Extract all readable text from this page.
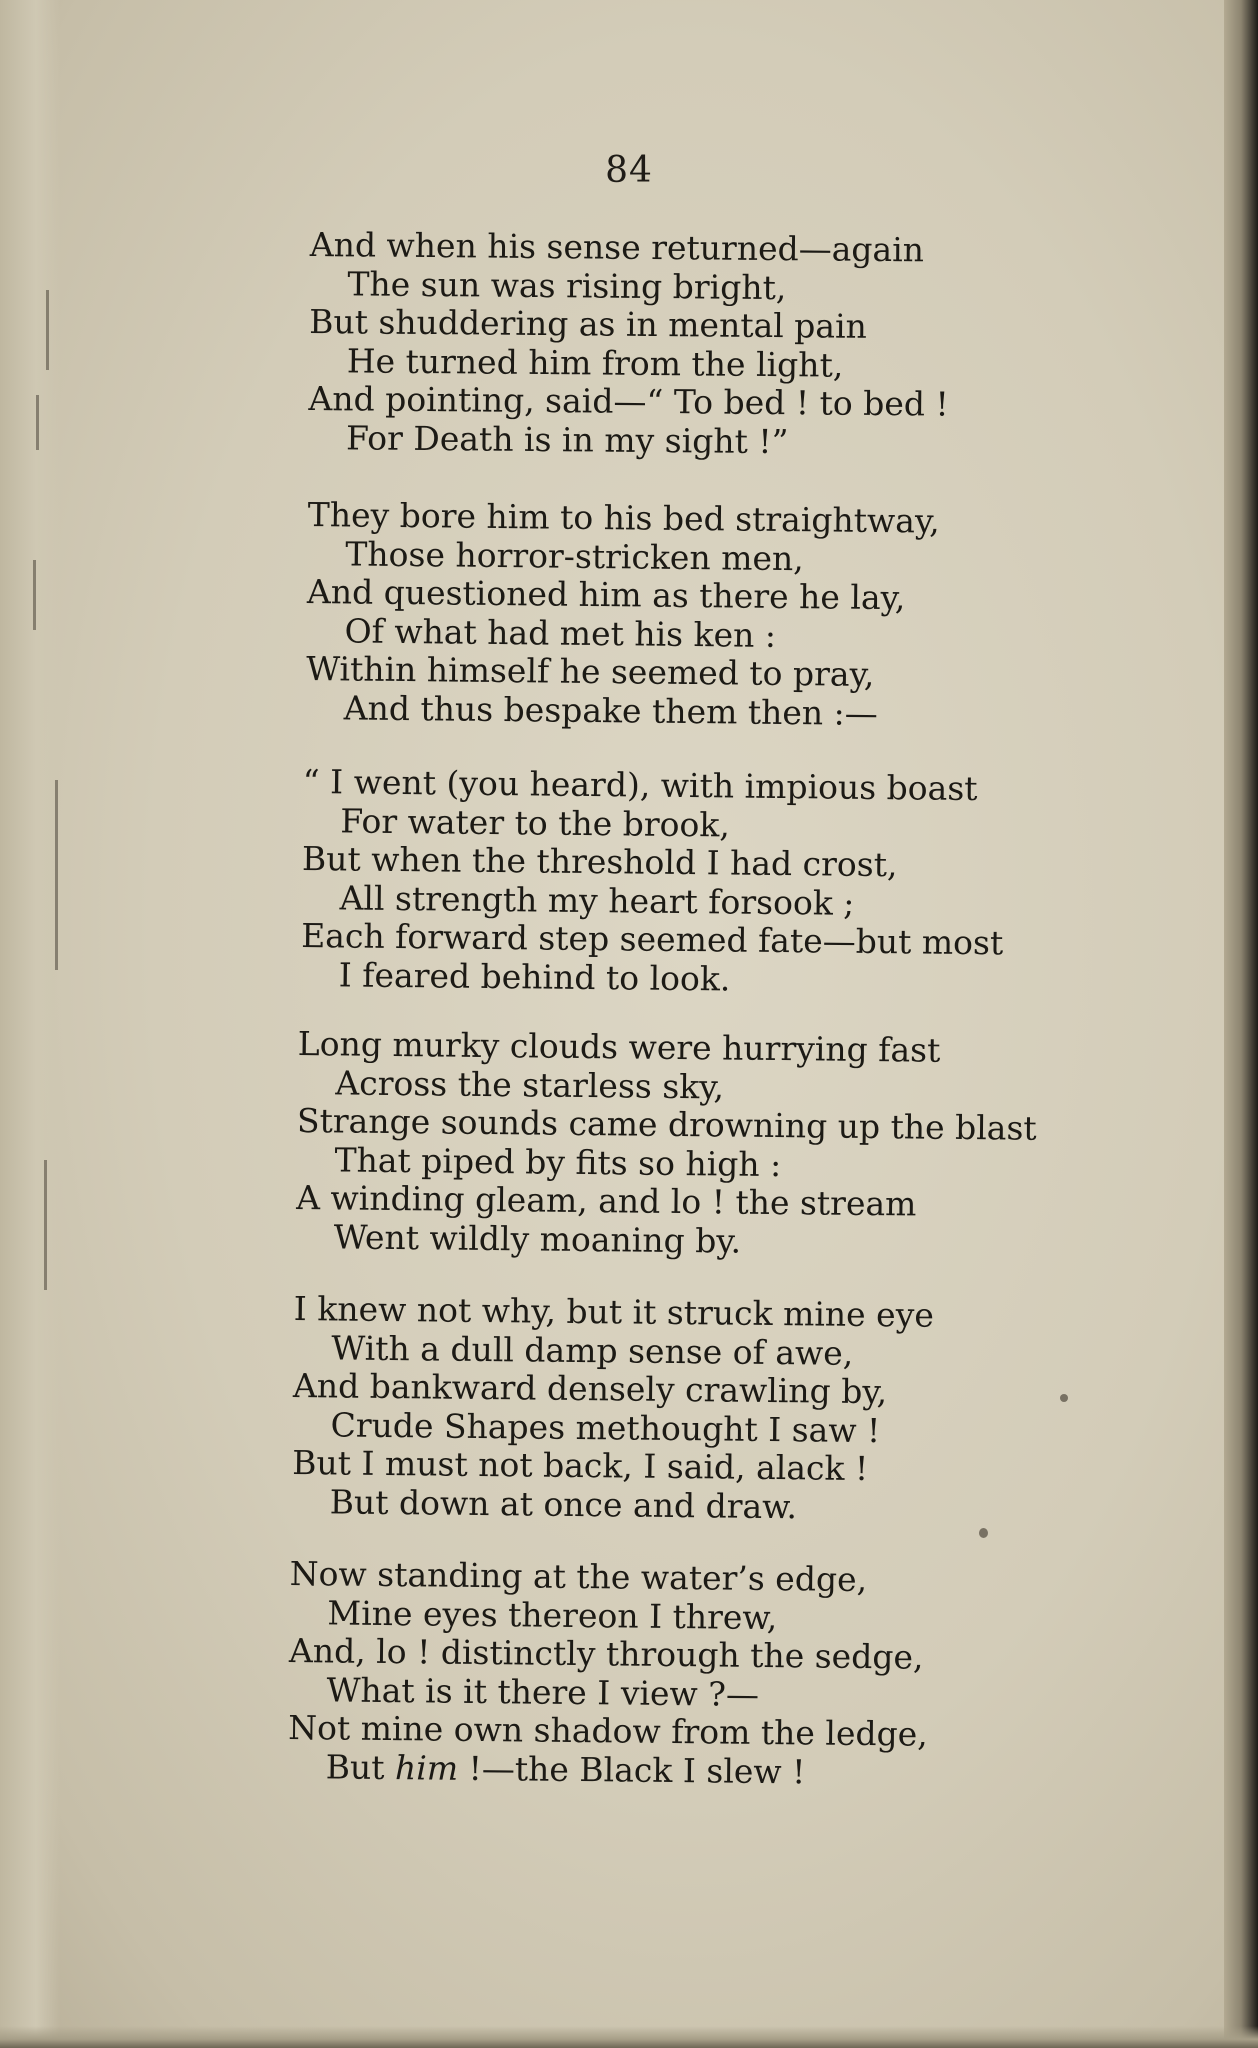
84
And when his sense returned—again
The sun was rising bright,
But shuddering as in mental pain
He turned him from the light,
And pointing, said—“ To bed ! to bed !
For Death is in my sight !”
They bore him to his bed straightway,
Those horror-stricken men,
And questioned him as there he lay,
Of what had met his ken :
Within himself he seemed to pray,
And thus bespake them then :—
“ I went (you heard), with impious boast
For water to the brook,
But when the threshold I had crost,
All strength my heart forsook ;
Each forward step seemed fate—but most
I feared behind to look.
Long murky clouds were hurrying fast
Across the starless sky,
Strange sounds came drowning up the blast
That piped by fits so high :
A winding gleam, and lo ! the stream
Went wildly moaning by.
I knew not why, but it struck mine eye
With a dull damp sense of awe,
And bankward densely crawling by,
Crude Shapes methought I saw !
But I must not back, I said, alack !
But down at once and draw.
Now standing at the water’s edge,
Mine eyes thereon I threw,
And, lo ! distinctly through the sedge,
What is it there I view ?—
Not mine own shadow from the ledge,
But him !—the Black I slew !
